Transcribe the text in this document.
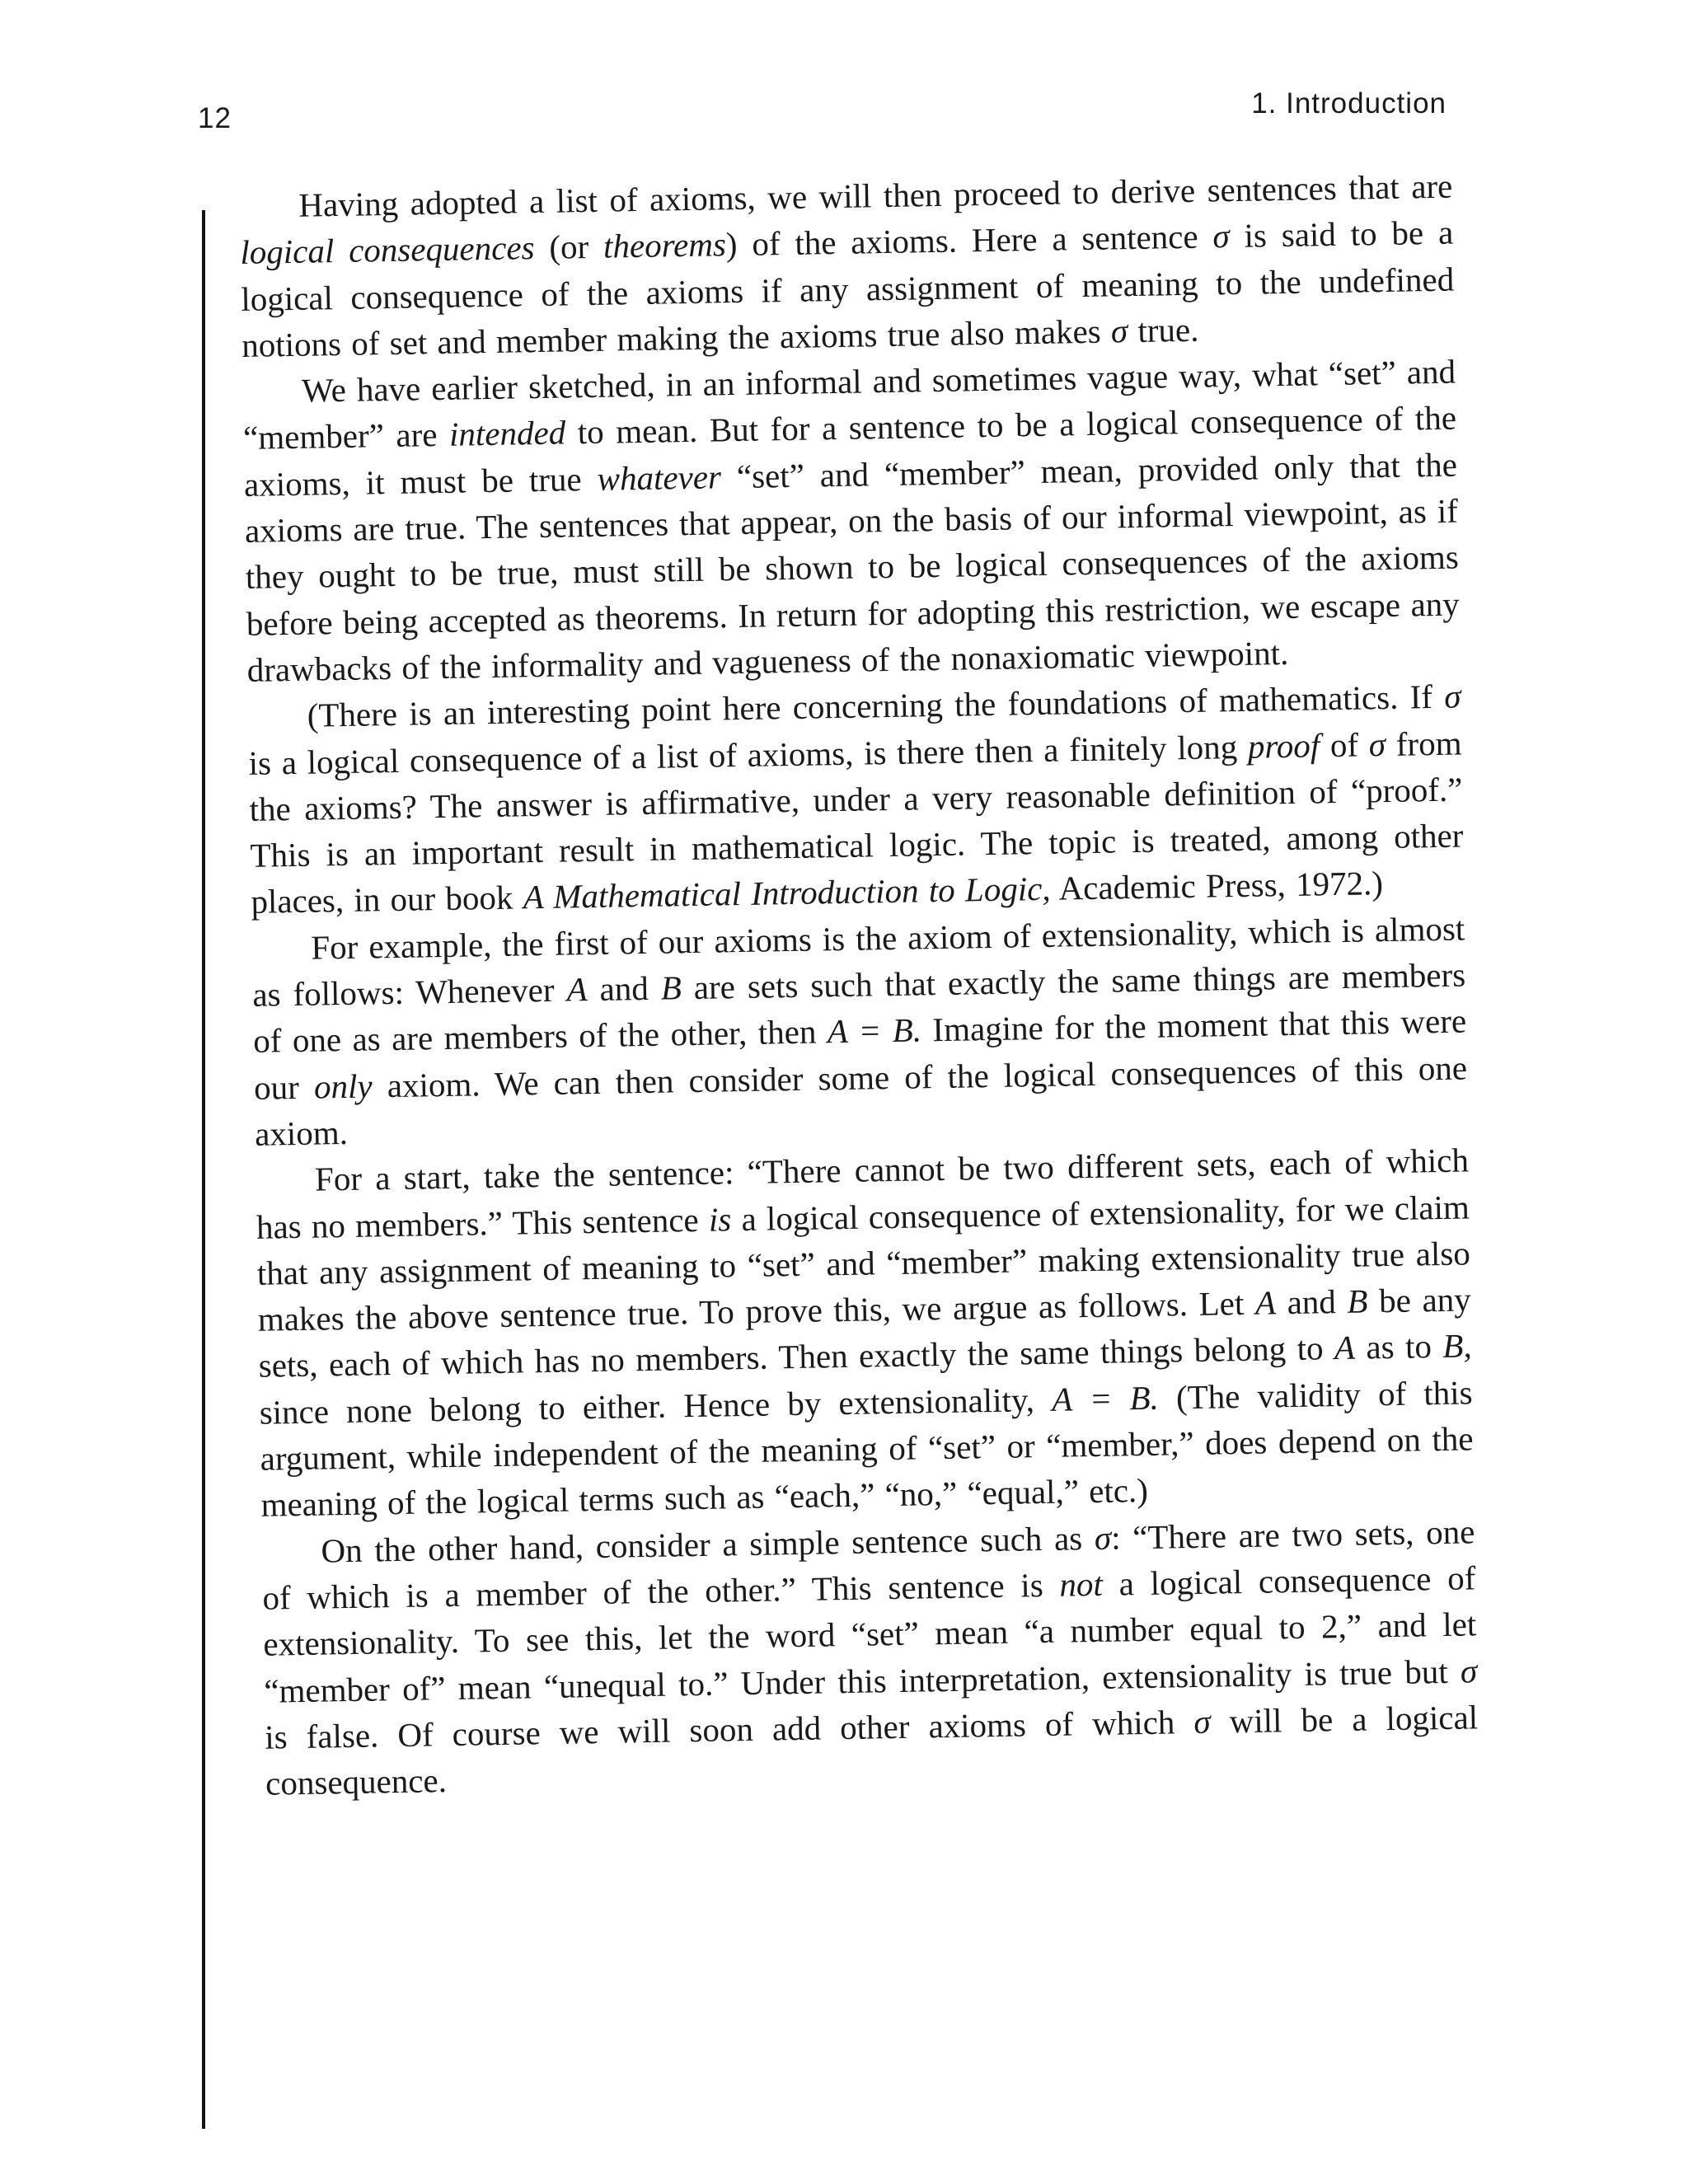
12	1. Introduction

Having adopted a list of axioms, we will then proceed to derive sentences that are logical consequences (or theorems) of the axioms. Here a sentence σ is said to be a logical consequence of the axioms if any assignment of meaning to the undefined notions of set and member making the axioms true also makes σ true.

We have earlier sketched, in an informal and sometimes vague way, what “set” and “member” are intended to mean. But for a sentence to be a logical consequence of the axioms, it must be true whatever “set” and “member” mean, provided only that the axioms are true. The sentences that appear, on the basis of our informal viewpoint, as if they ought to be true, must still be shown to be logical consequences of the axioms before being accepted as theorems. In return for adopting this restriction, we escape any drawbacks of the informality and vagueness of the nonaxiomatic viewpoint.

(There is an interesting point here concerning the foundations of mathematics. If σ is a logical consequence of a list of axioms, is there then a finitely long proof of σ from the axioms? The answer is affirmative, under a very reasonable definition of “proof.” This is an important result in mathematical logic. The topic is treated, among other places, in our book A Mathematical Introduction to Logic, Academic Press, 1972.)

For example, the first of our axioms is the axiom of extensionality, which is almost as follows: Whenever A and B are sets such that exactly the same things are members of one as are members of the other, then A = B. Imagine for the moment that this were our only axiom. We can then consider some of the logical consequences of this one axiom.

For a start, take the sentence: “There cannot be two different sets, each of which has no members.” This sentence is a logical consequence of extensionality, for we claim that any assignment of meaning to “set” and “member” making extensionality true also makes the above sentence true. To prove this, we argue as follows. Let A and B be any sets, each of which has no members. Then exactly the same things belong to A as to B, since none belong to either. Hence by extensionality, A = B. (The validity of this argument, while independent of the meaning of “set” or “member,” does depend on the meaning of the logical terms such as “each,” “no,” “equal,” etc.)

On the other hand, consider a simple sentence such as σ: “There are two sets, one of which is a member of the other.” This sentence is not a logical consequence of extensionality. To see this, let the word “set” mean “a number equal to 2,” and let “member of” mean “unequal to.” Under this interpretation, extensionality is true but σ is false. Of course we will soon add other axioms of which σ will be a logical consequence.
